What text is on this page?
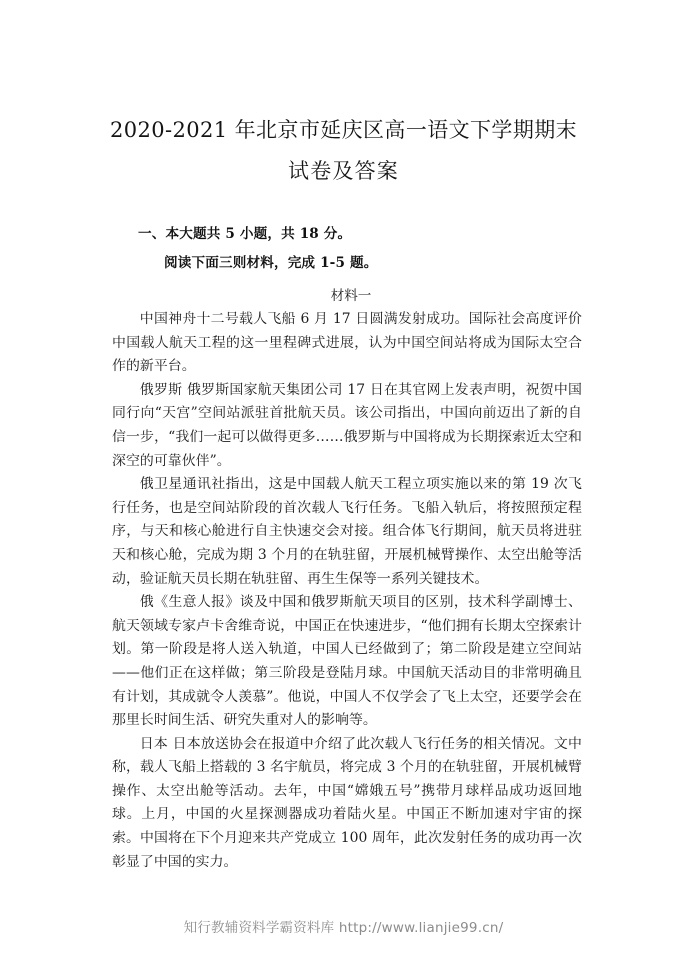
2020-2021 年北京市延庆区高一语文下学期期末
试卷及答案

一、本大题共 5 小题，共 18 分。

阅读下面三则材料，完成 1-5 题。

材料一

中国神舟十二号载人飞船 6 月 17 日圆满发射成功。国际社会高度评价中国载人航天工程的这一里程碑式进展，认为中国空间站将成为国际太空合作的新平台。

俄罗斯 俄罗斯国家航天集团公司 17 日在其官网上发表声明，祝贺中国同行向“天宫”空间站派驻首批航天员。该公司指出，中国向前迈出了新的自信一步，“我们一起可以做得更多……俄罗斯与中国将成为长期探索近太空和深空的可靠伙伴”。

俄卫星通讯社指出，这是中国载人航天工程立项实施以来的第 19 次飞行任务，也是空间站阶段的首次载人飞行任务。飞船入轨后，将按照预定程序，与天和核心舱进行自主快速交会对接。组合体飞行期间，航天员将进驻天和核心舱，完成为期 3 个月的在轨驻留，开展机械臂操作、太空出舱等活动，验证航天员长期在轨驻留、再生生保等一系列关键技术。

俄《生意人报》谈及中国和俄罗斯航天项目的区别，技术科学副博士、航天领域专家卢卡舍维奇说，中国正在快速进步，“他们拥有长期太空探索计划。第一阶段是将人送入轨道，中国人已经做到了；第二阶段是建立空间站——他们正在这样做；第三阶段是登陆月球。中国航天活动目的非常明确且有计划，其成就令人羡慕”。他说，中国人不仅学会了飞上太空，还要学会在那里长时间生活、研究失重对人的影响等。

日本 日本放送协会在报道中介绍了此次载人飞行任务的相关情况。文中称，载人飞船上搭载的 3 名宇航员，将完成 3 个月的在轨驻留，开展机械臂操作、太空出舱等活动。去年，中国“嫦娥五号”携带月球样品成功返回地球。上月，中国的火星探测器成功着陆火星。中国正不断加速对宇宙的探索。中国将在下个月迎来共产党成立 100 周年，此次发射任务的成功再一次彰显了中国的实力。

知行教辅资料学霸资料库 http://www.lianjie99.cn/
